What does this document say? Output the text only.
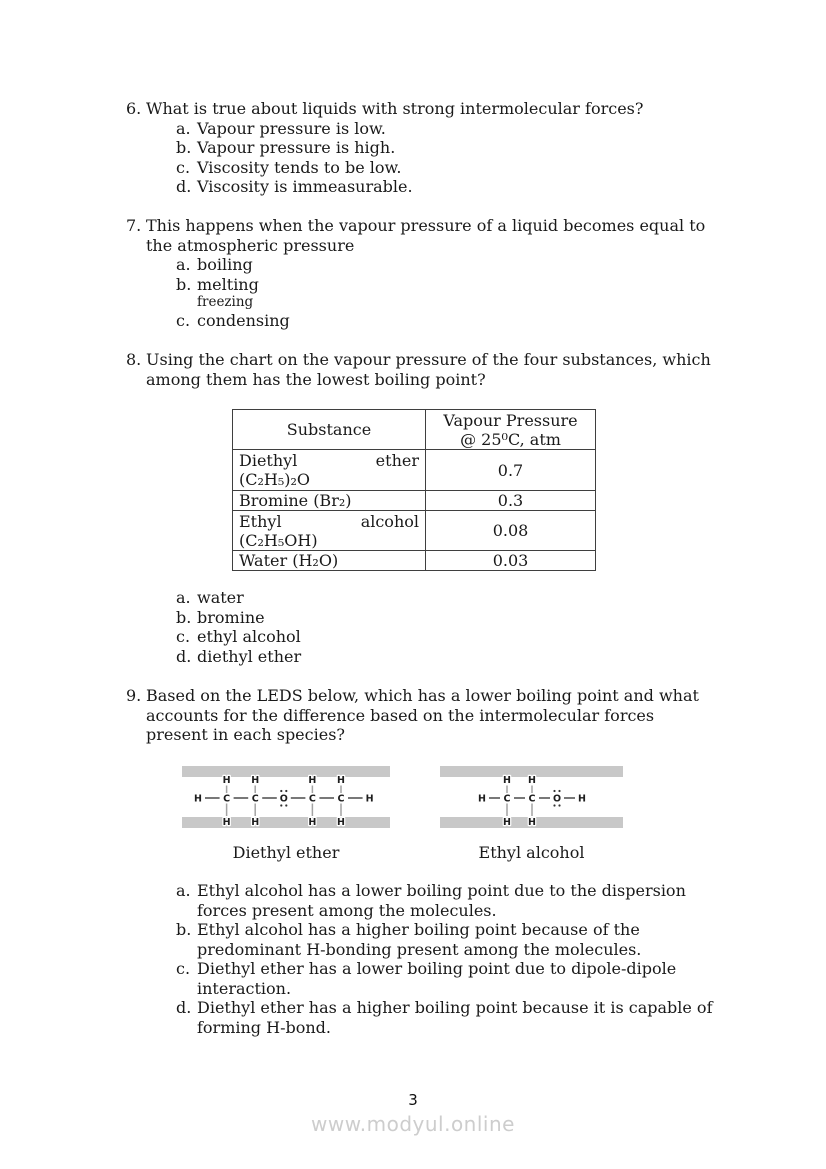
6. What is true about liquids with strong intermolecular forces?
a. Vapour pressure is low.
b. Vapour pressure is high.
c. Viscosity tends to be low.
d. Viscosity is immeasurable.
7. This happens when the vapour pressure of a liquid becomes equal to
the atmospheric pressure
a. boiling
b. melting
freezing
c. condensing
8. Using the chart on the vapour pressure of the four substances, which
among them has the lowest boiling point?
Substance	Vapour Pressure
@ 25⁰C, atm

Diethyl ether
(C₂H₅)₂O	0.7
Bromine (Br₂)	0.3

Ethyl alcohol
(C₂H₅OH)	0.08
Water (H₂O)	0.03
a. water
b. bromine
c. ethyl alcohol
d. diethyl ether
9. Based on the LEDS below, which has a lower boiling point and what
accounts for the difference based on the intermolecular forces
present in each species?
H
H
H
C
H
H
C O
H
H
C
H
H
C H	H
H
H
C
H
H
C O H
Diethyl ether	Ethyl alcohol
a. Ethyl alcohol has a lower boiling point due to the dispersion
forces present among the molecules.
b. Ethyl alcohol has a higher boiling point because of the
predominant H-bonding present among the molecules.
c. Diethyl ether has a lower boiling point due to dipole-dipole
interaction.
d. Diethyl ether has a higher boiling point because it is capable of
forming H-bond.
3
www.modyul.online
